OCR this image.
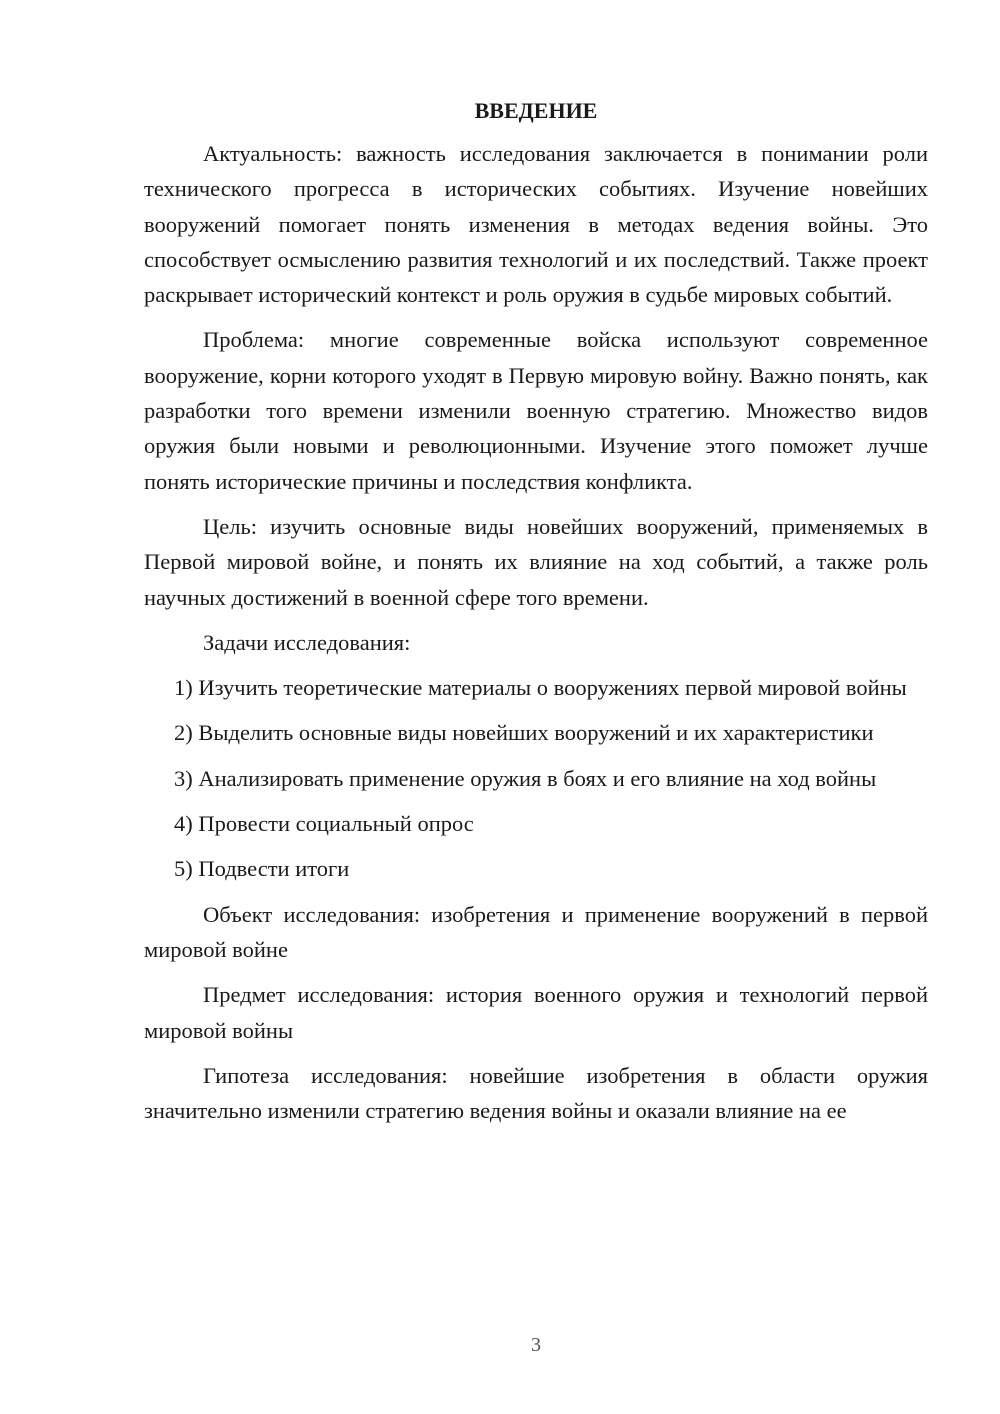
ВВЕДЕНИЕ

Актуальность: важность исследования заключается в понимании роли технического прогресса в исторических событиях. Изучение новейших вооружений помогает понять изменения в методах ведения войны. Это способствует осмыслению развития технологий и их последствий. Также проект раскрывает исторический контекст и роль оружия в судьбе мировых событий.

Проблема: многие современные войска используют современное вооружение, корни которого уходят в Первую мировую войну. Важно понять, как разработки того времени изменили военную стратегию. Множество видов оружия были новыми и революционными. Изучение этого поможет лучше понять исторические причины и последствия конфликта.

Цель: изучить основные виды новейших вооружений, применяемых в Первой мировой войне, и понять их влияние на ход событий, а также роль научных достижений в военной сфере того времени.

Задачи исследования:

1) Изучить теоретические материалы о вооружениях первой мировой войны

2) Выделить основные виды новейших вооружений и их характеристики

3) Анализировать применение оружия в боях и его влияние на ход войны

4) Провести социальный опрос

5) Подвести итоги

Объект исследования: изобретения и применение вооружений в первой мировой войне

Предмет исследования: история военного оружия и технологий первой мировой войны

Гипотеза исследования: новейшие изобретения в области оружия значительно изменили стратегию ведения войны и оказали влияние на ее

3
